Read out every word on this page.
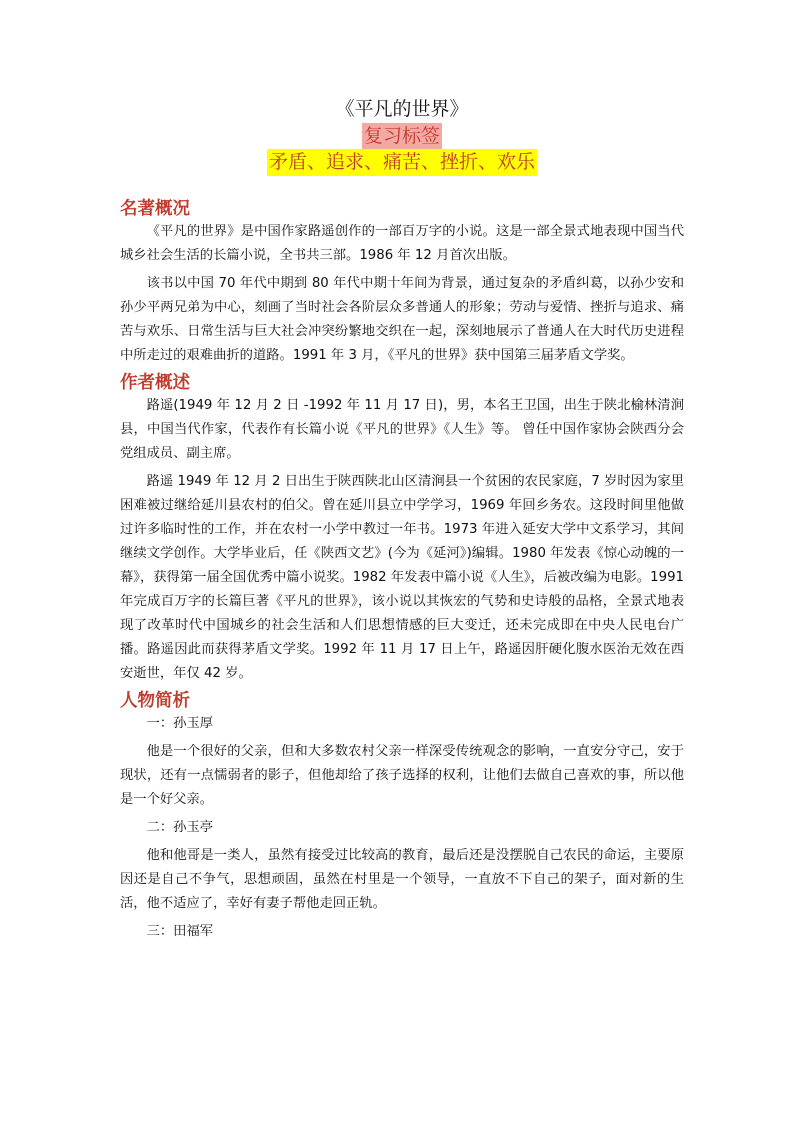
《平凡的世界》
复习标签
矛盾、追求、痛苦、挫折、欢乐
名著概况

《平凡的世界》是中国作家路遥创作的一部百万字的小说。这是一部全景式地表现中国当代城乡社会生活的长篇小说，全书共三部。1986 年 12 月首次出版。

该书以中国 70 年代中期到 80 年代中期十年间为背景，通过复杂的矛盾纠葛，以孙少安和孙少平两兄弟为中心，刻画了当时社会各阶层众多普通人的形象；劳动与爱情、挫折与追求、痛苦与欢乐、日常生活与巨大社会冲突纷繁地交织在一起，深刻地展示了普通人在大时代历史进程中所走过的艰难曲折的道路。1991 年 3 月，《平凡的世界》获中国第三届茅盾文学奖。

作者概述

路遥(1949 年 12 月 2 日 -1992 年 11 月 17 日)，男，本名王卫国，出生于陕北榆林清涧县，中国当代作家，代表作有长篇小说《平凡的世界》《人生》等。 曾任中国作家协会陕西分会党组成员、副主席。

路遥 1949 年 12 月 2 日出生于陕西陕北山区清涧县一个贫困的农民家庭，7 岁时因为家里困难被过继给延川县农村的伯父。曾在延川县立中学学习，1969 年回乡务农。这段时间里他做过许多临时性的工作，并在农村一小学中教过一年书。1973 年进入延安大学中文系学习，其间继续文学创作。大学毕业后，任《陕西文艺》(今为《延河》)编辑。1980 年发表《惊心动魄的一幕》，获得第一届全国优秀中篇小说奖。1982 年发表中篇小说《人生》，后被改编为电影。1991 年完成百万字的长篇巨著《平凡的世界》，该小说以其恢宏的气势和史诗般的品格，全景式地表现了改革时代中国城乡的社会生活和人们思想情感的巨大变迁，还未完成即在中央人民电台广播。路遥因此而获得茅盾文学奖。1992 年 11 月 17 日上午，路遥因肝硬化腹水医治无效在西安逝世，年仅 42 岁。

人物简析

一：孙玉厚

他是一个很好的父亲，但和大多数农村父亲一样深受传统观念的影响，一直安分守己，安于现状，还有一点懦弱者的影子，但他却给了孩子选择的权利，让他们去做自己喜欢的事，所以他是一个好父亲。

二：孙玉亭

他和他哥是一类人，虽然有接受过比较高的教育，最后还是没摆脱自己农民的命运，主要原因还是自己不争气，思想顽固，虽然在村里是一个领导，一直放不下自己的架子，面对新的生活，他不适应了，幸好有妻子帮他走回正轨。

三：田福军
